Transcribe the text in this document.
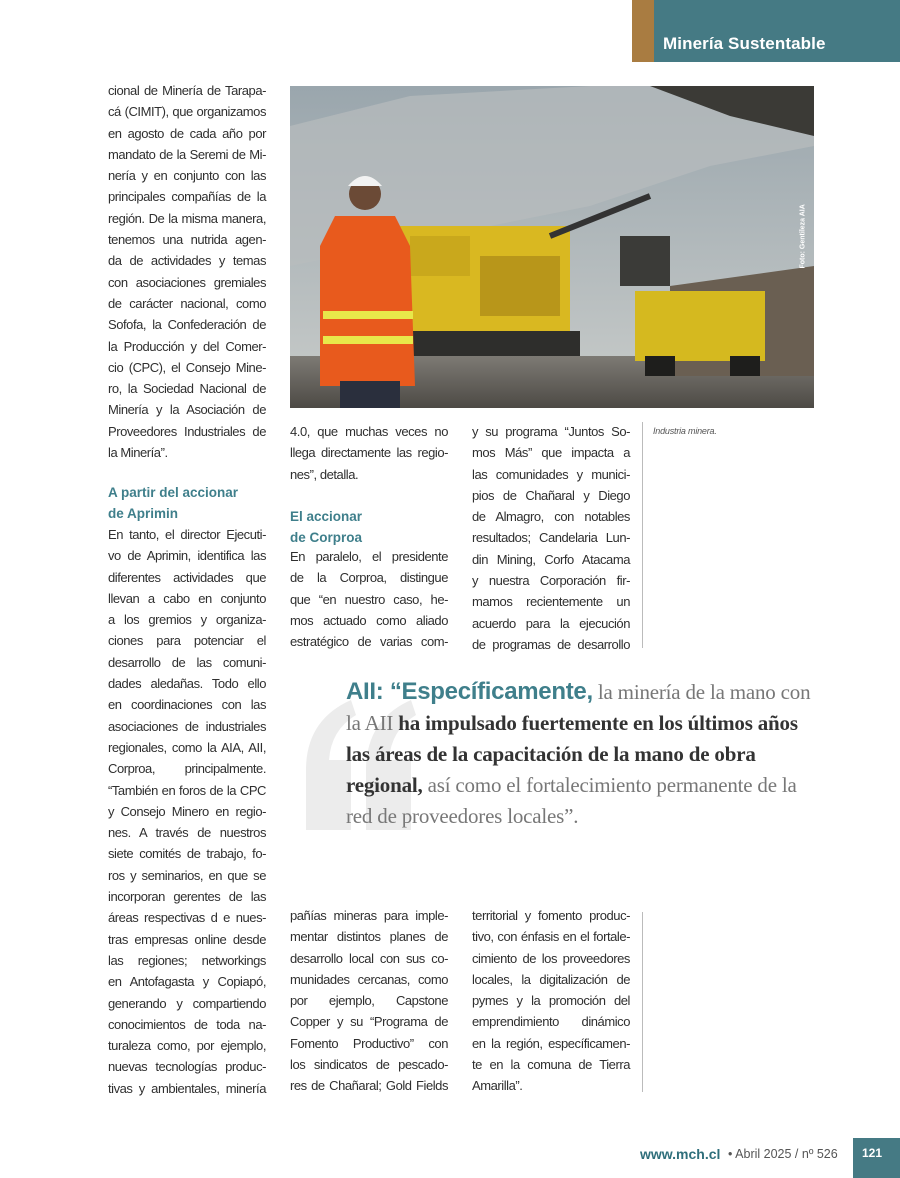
Minería Sustentable
cional de Minería de Tarapa-
cá (CIMIT), que organizamos
en agosto de cada año por
mandato de la Seremi de Mi-
nería y en conjunto con las
principales compañías de la
región. De la misma manera,
tenemos una nutrida agen-
da de actividades y temas
con asociaciones gremiales
de carácter nacional, como
Sofofa, la Confederación de
la Producción y del Comer-
cio (CPC), el Consejo Mine-
ro, la Sociedad Nacional de
Minería y la Asociación de
Proveedores Industriales de
la Minería”.
A partir del accionar
de Aprimin
En tanto, el director Ejecuti-
vo de Aprimin, identifica las
diferentes actividades que
llevan a cabo en conjunto
a los gremios y organiza-
ciones para potenciar el
desarrollo de las comuni-
dades aledañas. Todo ello
en coordinaciones con las
asociaciones de industriales
regionales, como la AIA, AII,
Corproa, principalmente.
“También en foros de la CPC
y Consejo Minero en regio-
nes. A través de nuestros
siete comités de trabajo, fo-
ros y seminarios, en que se
incorporan gerentes de las
áreas respectivas d e nues-
tras empresas online desde
las regiones; networkings
en Antofagasta y Copiapó,
generando y compartiendo
conocimientos de toda na-
turaleza como, por ejemplo,
nuevas tecnologías produc-
tivas y ambientales, minería
Foto: Gentileza AIA
4.0, que muchas veces no
llega directamente las regio-
nes”, detalla.
El accionar
de Corproa
En paralelo, el presidente
de la Corproa, distingue
que “en nuestro caso, he-
mos actuado como aliado
estratégico de varias com-
y su programa “Juntos So-
mos Más” que impacta a
las comunidades y munici-
pios de Chañaral y Diego
de Almagro, con notables
resultados; Candelaria Lun-
din Mining, Corfo Atacama
y nuestra Corporación fir-
mamos recientemente un
acuerdo para la ejecución
de programas de desarrollo
Industria minera.
AII: “Específicamente, la minería de la mano con la AII ha impulsado fuertemente en los últimos años las áreas de la capacitación de la mano de obra regional, así como el fortalecimiento permanente de la red de proveedores locales”.
pañías mineras para imple-
mentar distintos planes de
desarrollo local con sus co-
munidades cercanas, como
por ejemplo, Capstone
Copper y su “Programa de
Fomento Productivo” con
los sindicatos de pescado-
res de Chañaral; Gold Fields
territorial y fomento produc-
tivo, con énfasis en el fortale-
cimiento de los proveedores
locales, la digitalización de
pymes y la promoción del
emprendimiento dinámico
en la región, específicamen-
te en la comuna de Tierra
Amarilla”.
www.mch.cl • Abril 2025 / nº 526 121
